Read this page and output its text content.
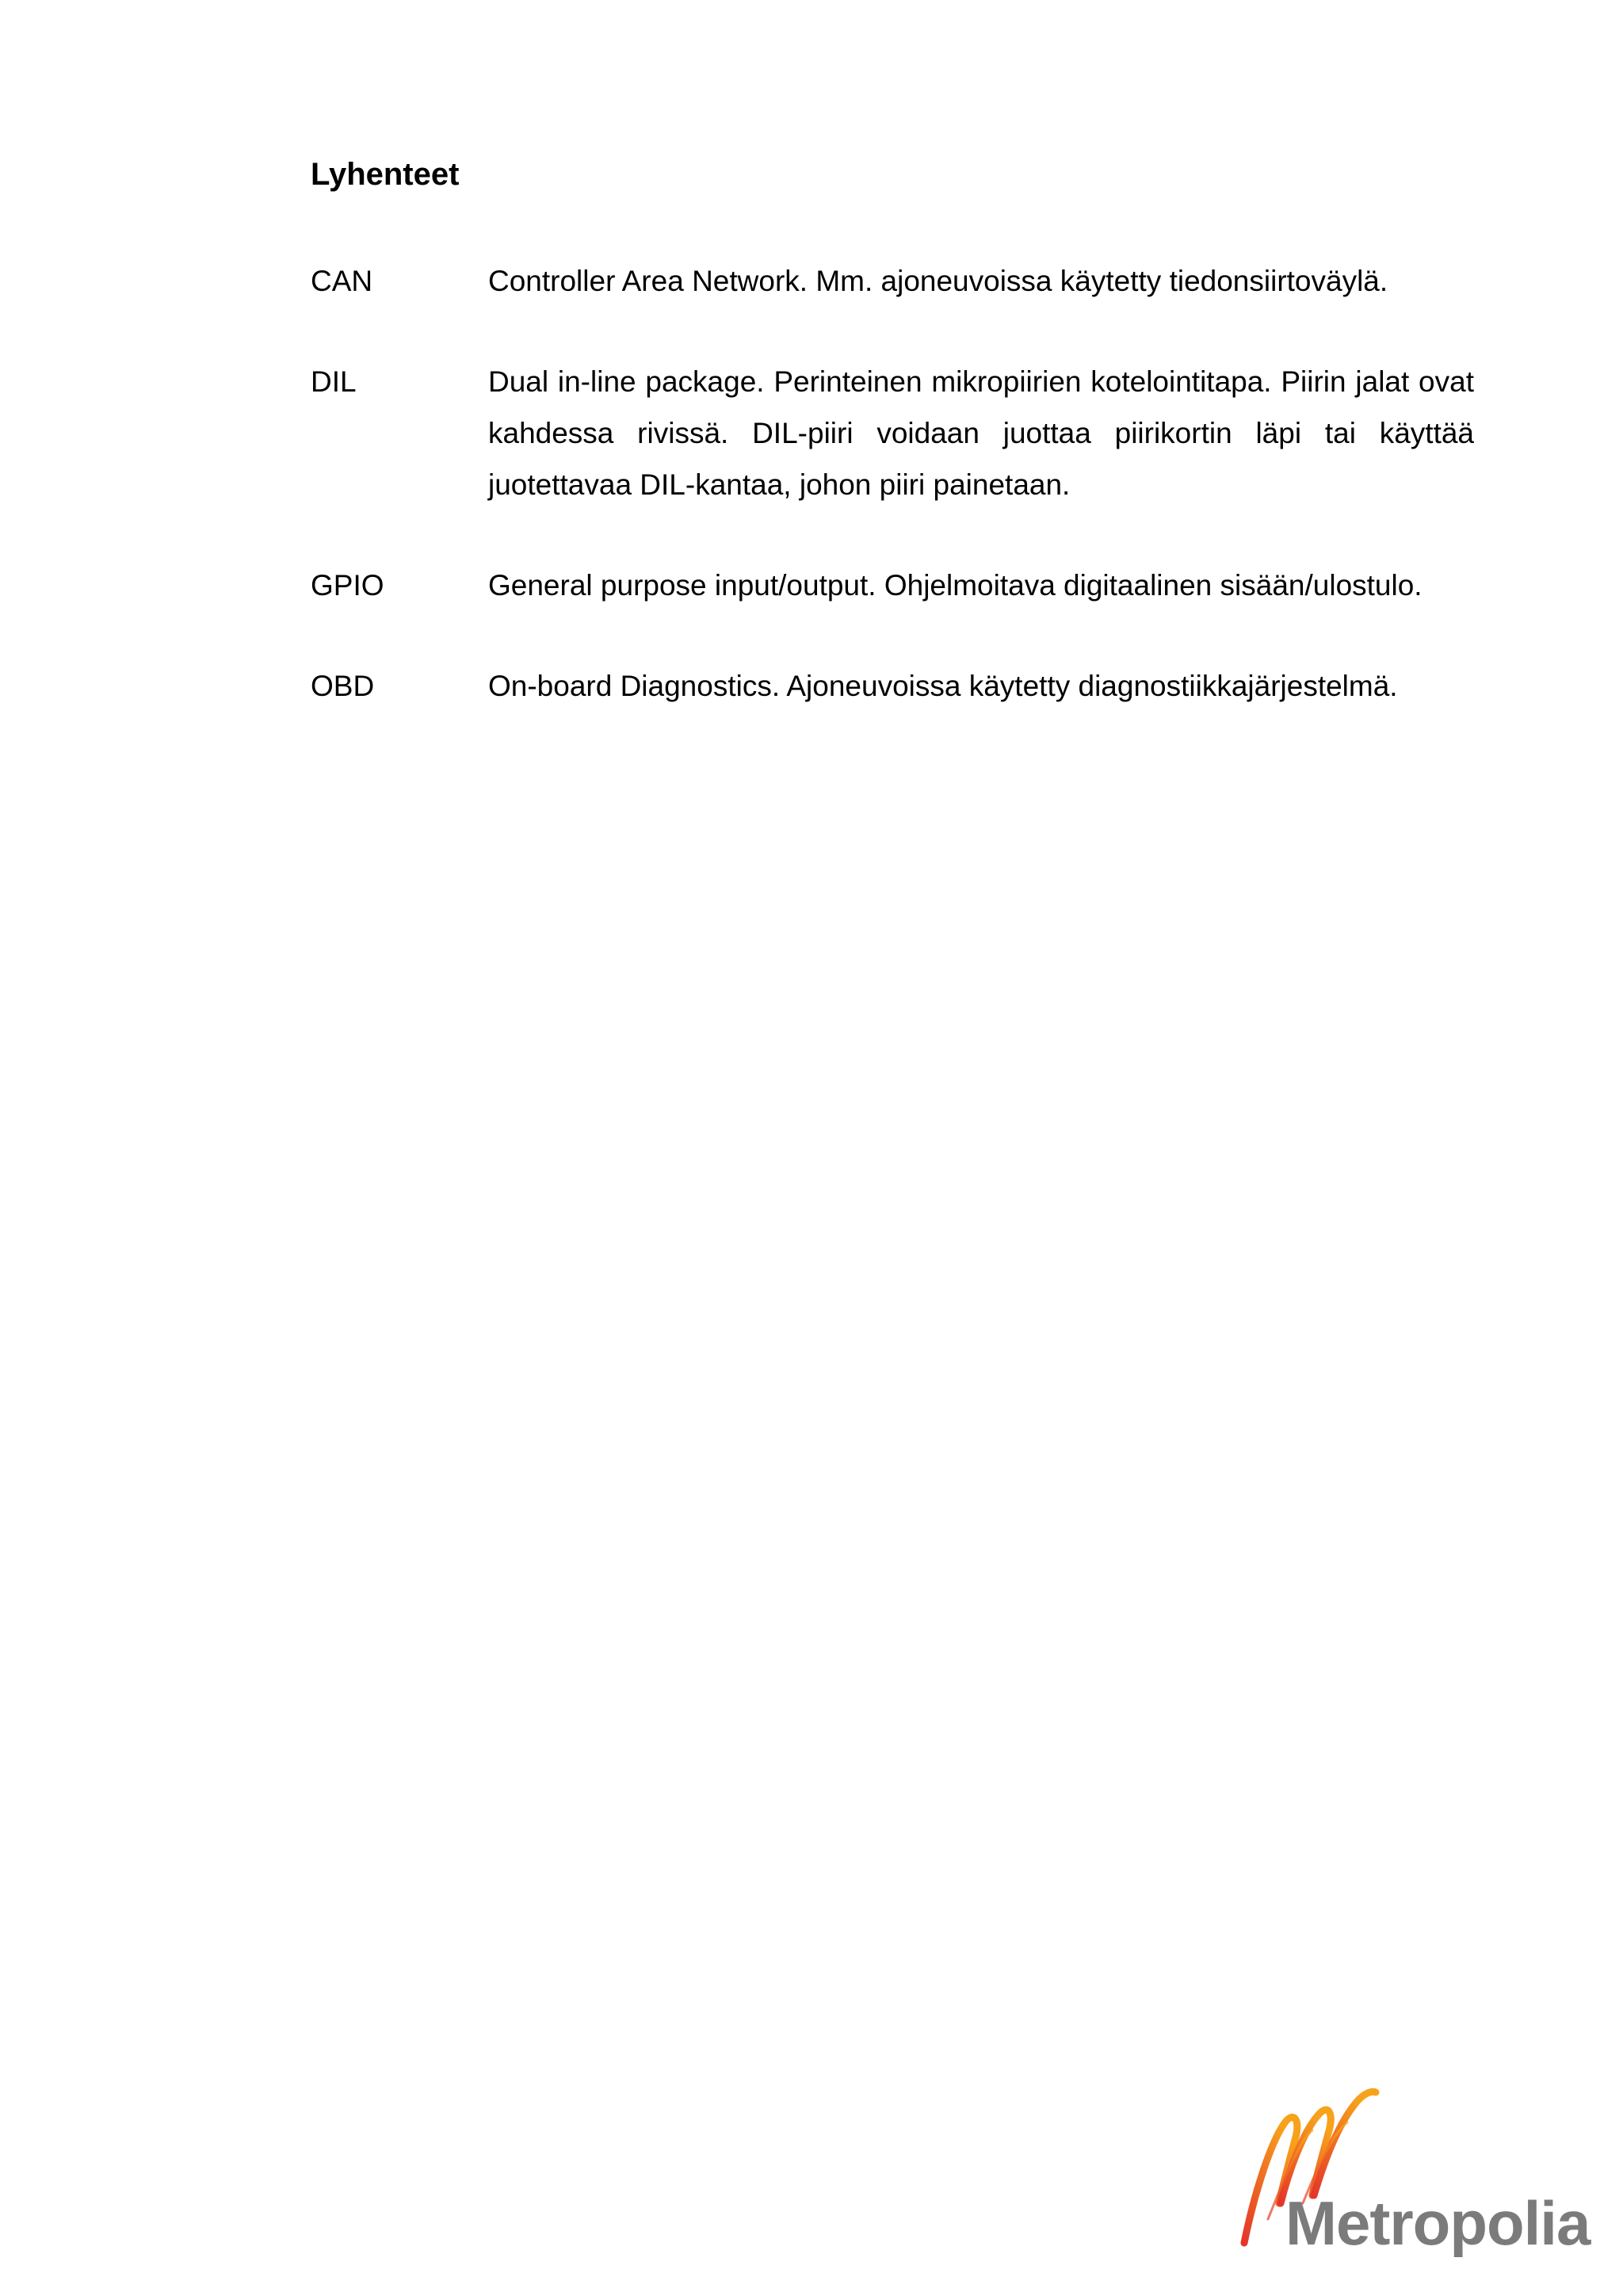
Lyhenteet
CAN	Controller Area Network. Mm. ajoneuvoissa käytetty tiedonsiirtoväylä.
DIL	Dual in-line package. Perinteinen mikropiirien kotelointitapa. Piirin jalat ovat kahdessa rivissä. DIL-piiri voidaan juottaa piirikortin läpi tai käyttää juotettavaa DIL-kantaa, johon piiri painetaan.
GPIO	General purpose input/output. Ohjelmoitava digitaalinen sisään/ulostulo.
OBD	On-board Diagnostics. Ajoneuvoissa käytetty diagnostiikkajärjestelmä.
Metropolia
